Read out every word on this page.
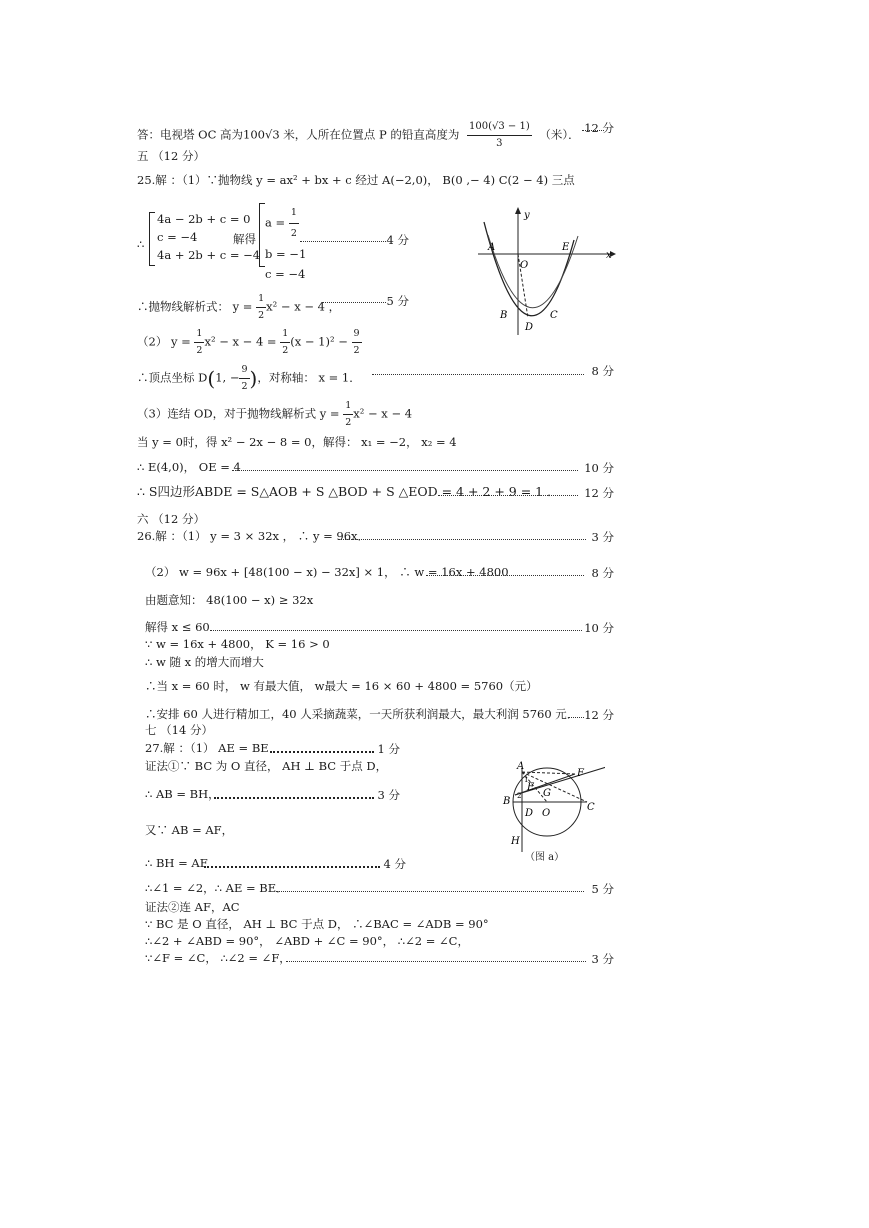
答：电视塔 OC 高为100√3 米，人所在位置点 P 的铅直高度为 $\frac{100(√3 - 1)}{3}$ （米）． 12 分
五 （12 分）
25.解 ：（1）∵抛物线 y = ax² + bx + c 经过 A(−2,0)， B(0 ,− 4) C(2 − 4) 三点
∴
4a − 2b + c = 0
c = −4
4a + 2b + c = −4
解得
$a = \frac{1}{2}$
b = −1
c = −4
4 分
∴抛物线解析式： $y = \frac{1}{2} x^2 - x - 4$ ，	5 分
（2） $y = \frac{1}{2} x^2 - x - 4 = \frac{1}{2} (x - 1)^2 - \frac{9}{2}$
∴顶点坐标 D(1, − $\frac{9}{2}$ )，对称轴： x = 1．	8 分
（3）连结 OD，对于抛物线解析式 $y = \frac{1}{2} x^2 - x - 4$
当 y = 0时，得 x² − 2x − 8 = 0，解得： x₁ = −2， x₂ = 4
∴ E(4,0)， OE = 4	10 分
∴ S四边形ABDE = S△AOB + S △BOD + S △EOD = 4 + 2 + 9 = 1 ． 12 分
六 （12 分）
26.解 ：（1） y = 3 × 32x ， ∴ y = 96x．	3 分
（2） w = 96x + [48(100 − x) − 32x] × 1， ∴ w = 16x + 4800	8 分
由题意知： 48(100 − x) ≥ 32x
解得 x ≤ 60	10 分
∵ w = 16x + 4800， K = 16 > 0
∴ w 随 x 的增大而增大
∴当 x = 60 时， w 有最大值， w最大 = 16 × 60 + 4800 = 5760（元）
∴安排 60 人进行精加工，40 人采摘蔬菜，一天所获利润最大，最大利润 5760 元． 12 分
七 （14 分）
27.解 ：（1） AE = BE	1 分
证法①∵ BC 为 O 直径， AH ⊥ BC 于点 D，
∴ AB = BH，	3 分
又∵ AB = AF，
∴ BH = AF	4 分
∴∠1 = ∠2，∴ AE = BE．	5 分
证法②连 AF，AC
∵ BC 是 O 直径， AH ⊥ BC 于点 D， ∴∠BAC = ∠ADB = 90°
∴∠2 + ∠ABD = 90°， ∠ABD + ∠C = 90°， ∴∠2 = ∠C，
∵∠F = ∠C， ∴∠2 = ∠F，	3 分
y
x
A	E
O
B
D
C
A
F
E
G
B
D O
C
H
1
2
（图 a）
